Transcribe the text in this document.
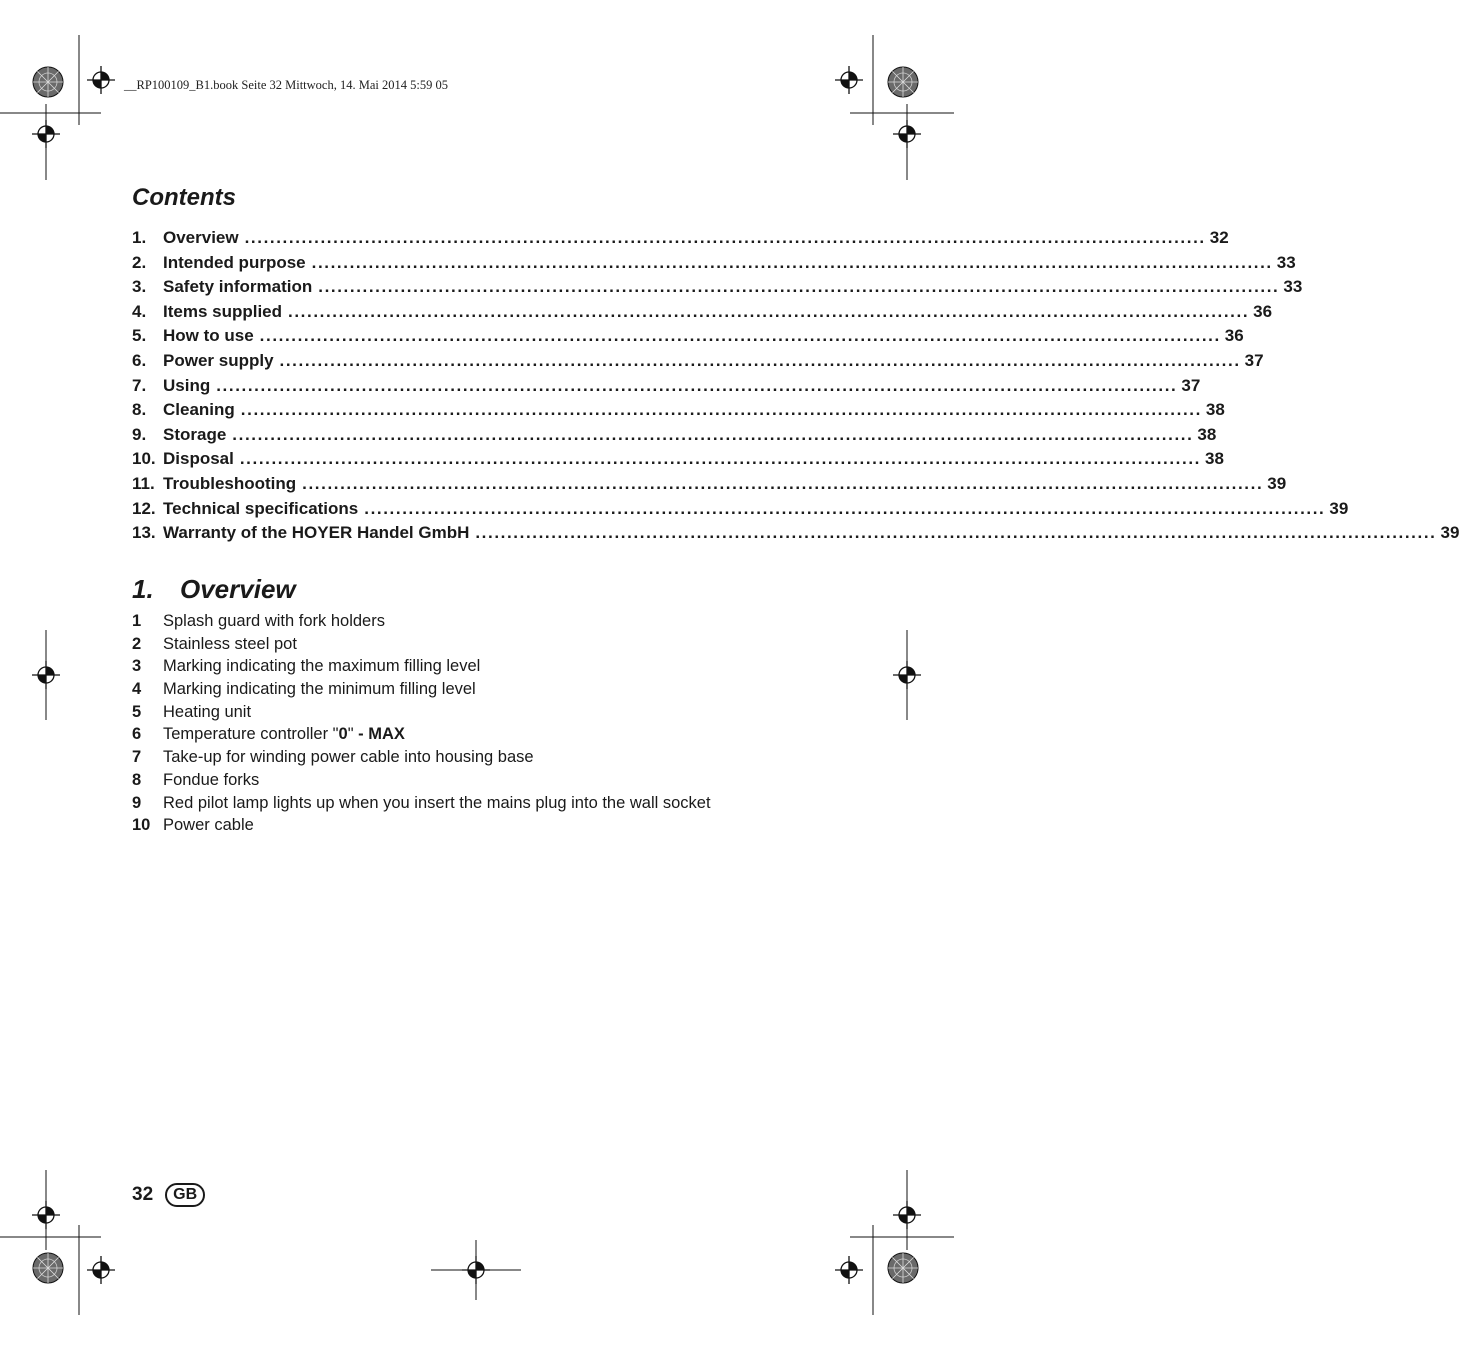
__RP100109_B1.book Seite 32 Mittwoch, 14. Mai 2014 5:59 05
Contents
1. Overview ........................................................................................................................................................ 32
2. Intended purpose ........................................................................................................................................................ 33
3. Safety information ........................................................................................................................................................ 33
4. Items supplied ........................................................................................................................................................ 36
5. How to use ........................................................................................................................................................ 36
6. Power supply ........................................................................................................................................................ 37
7. Using ........................................................................................................................................................ 37
8. Cleaning ........................................................................................................................................................ 38
9. Storage ........................................................................................................................................................ 38
10. Disposal ........................................................................................................................................................ 38
11. Troubleshooting ........................................................................................................................................................ 39
12. Technical specifications ........................................................................................................................................................ 39
13. Warranty of the HOYER Handel GmbH ........................................................................................................................................................ 39
1. Overview
1	Splash guard with fork holders
2	Stainless steel pot
3	Marking indicating the maximum filling level
4	Marking indicating the minimum filling level
5	Heating unit
6	Temperature controller "0" - MAX
7	Take-up for winding power cable into housing base
8	Fondue forks
9	Red pilot lamp lights up when you insert the mains plug into the wall socket
10 Power cable
32	GB
